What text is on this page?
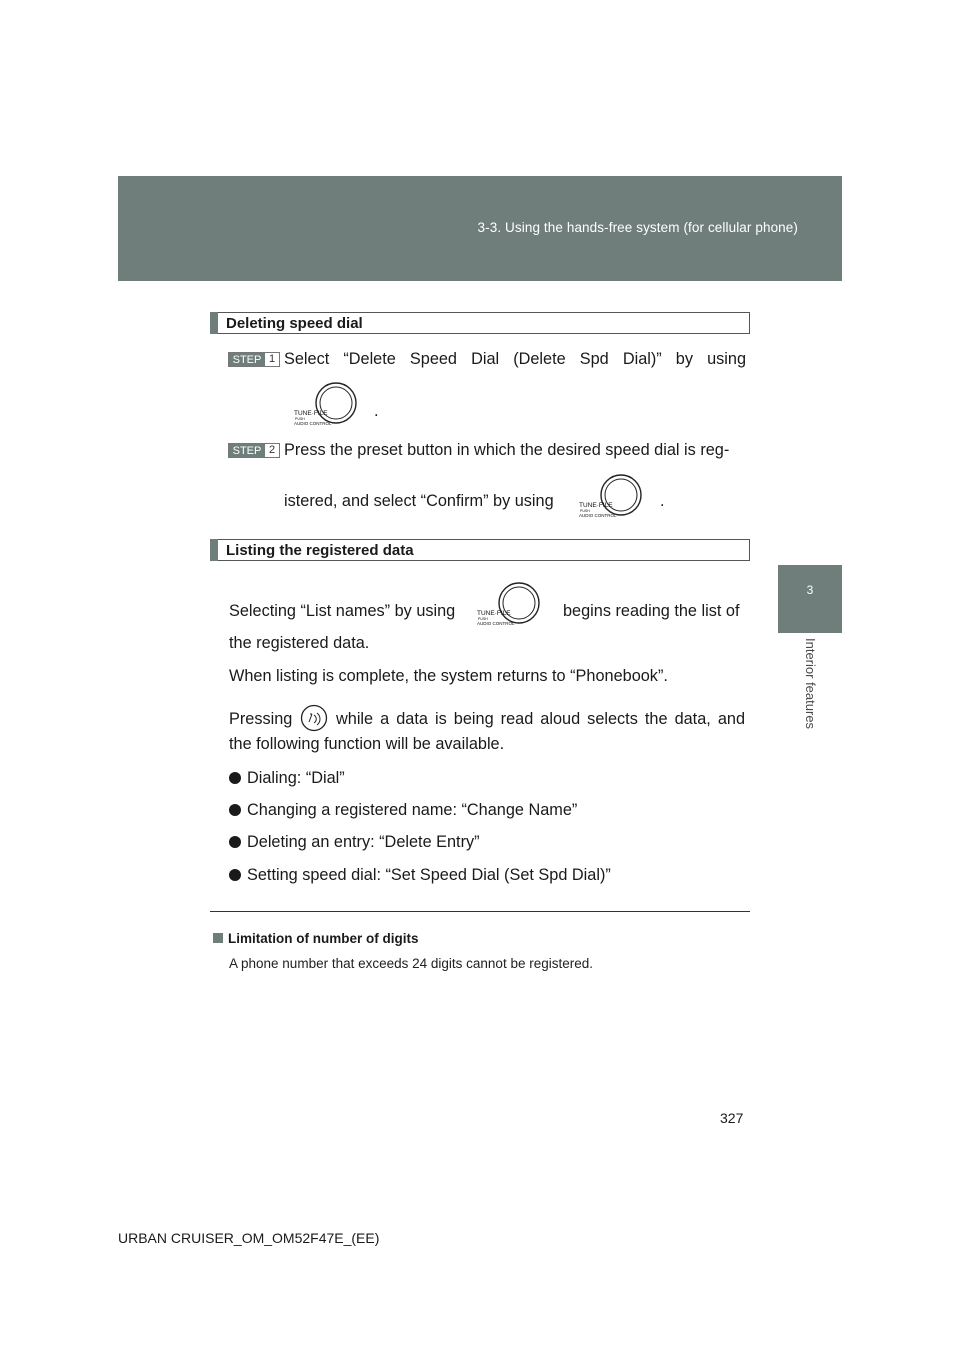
3-3. Using the hands-free system (for cellular phone)
3
Interior features
Deleting speed dial
STEP 1 Select “Delete Speed Dial (Delete Spd Dial)” by using
TUNE·FILE
PUSH
AUDIO CONTROL
.
STEP 2 Press the preset button in which the desired speed dial is reg-
istered, and select “Confirm” by using	TUNE·FILE
PUSH
AUDIO CONTROL
.
Listing the registered data
Selecting “List names” by using	TUNE·FILE
PUSH
AUDIO CONTROL
begins reading the list of
the registered data.
When listing is complete, the system returns to “Phonebook”.
Pressing	while a data is being read aloud selects the data, and
the following function will be available.
Dialing: “Dial”
Changing a registered name: “Change Name”
Deleting an entry: “Delete Entry”
Setting speed dial: “Set Speed Dial (Set Spd Dial)”
Limitation of number of digits
A phone number that exceeds 24 digits cannot be registered.
327
URBAN CRUISER_OM_OM52F47E_(EE)
